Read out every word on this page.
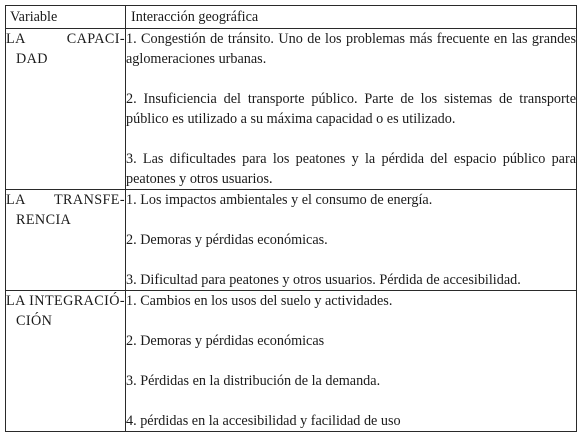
Variable	Interacción geográfica

LA CAPACI-
DAD	1. Congestión de tránsito. Uno de los problemas más frecuente en las grandes aglomeraciones urbanas.
2. Insuficiencia del transporte público. Parte de los sistemas de transporte público es utilizado a su máxima capacidad o es utilizado.
3. Las dificultades para los peatones y la pérdida del espacio público para peatones y otros usuarios.

LA TRANSFE-
RENCIA	1. Los impactos ambientales y el consumo de energía.
2. Demoras y pérdidas económicas.
3. Dificultad para peatones y otros usuarios. Pérdida de accesibilidad.

LA INTEGRACIÓ-
CIÓN	1. Cambios en los usos del suelo y actividades.
2. Demoras y pérdidas económicas
3. Pérdidas en la distribución de la demanda.
4. pérdidas en la accesibilidad y facilidad de uso
